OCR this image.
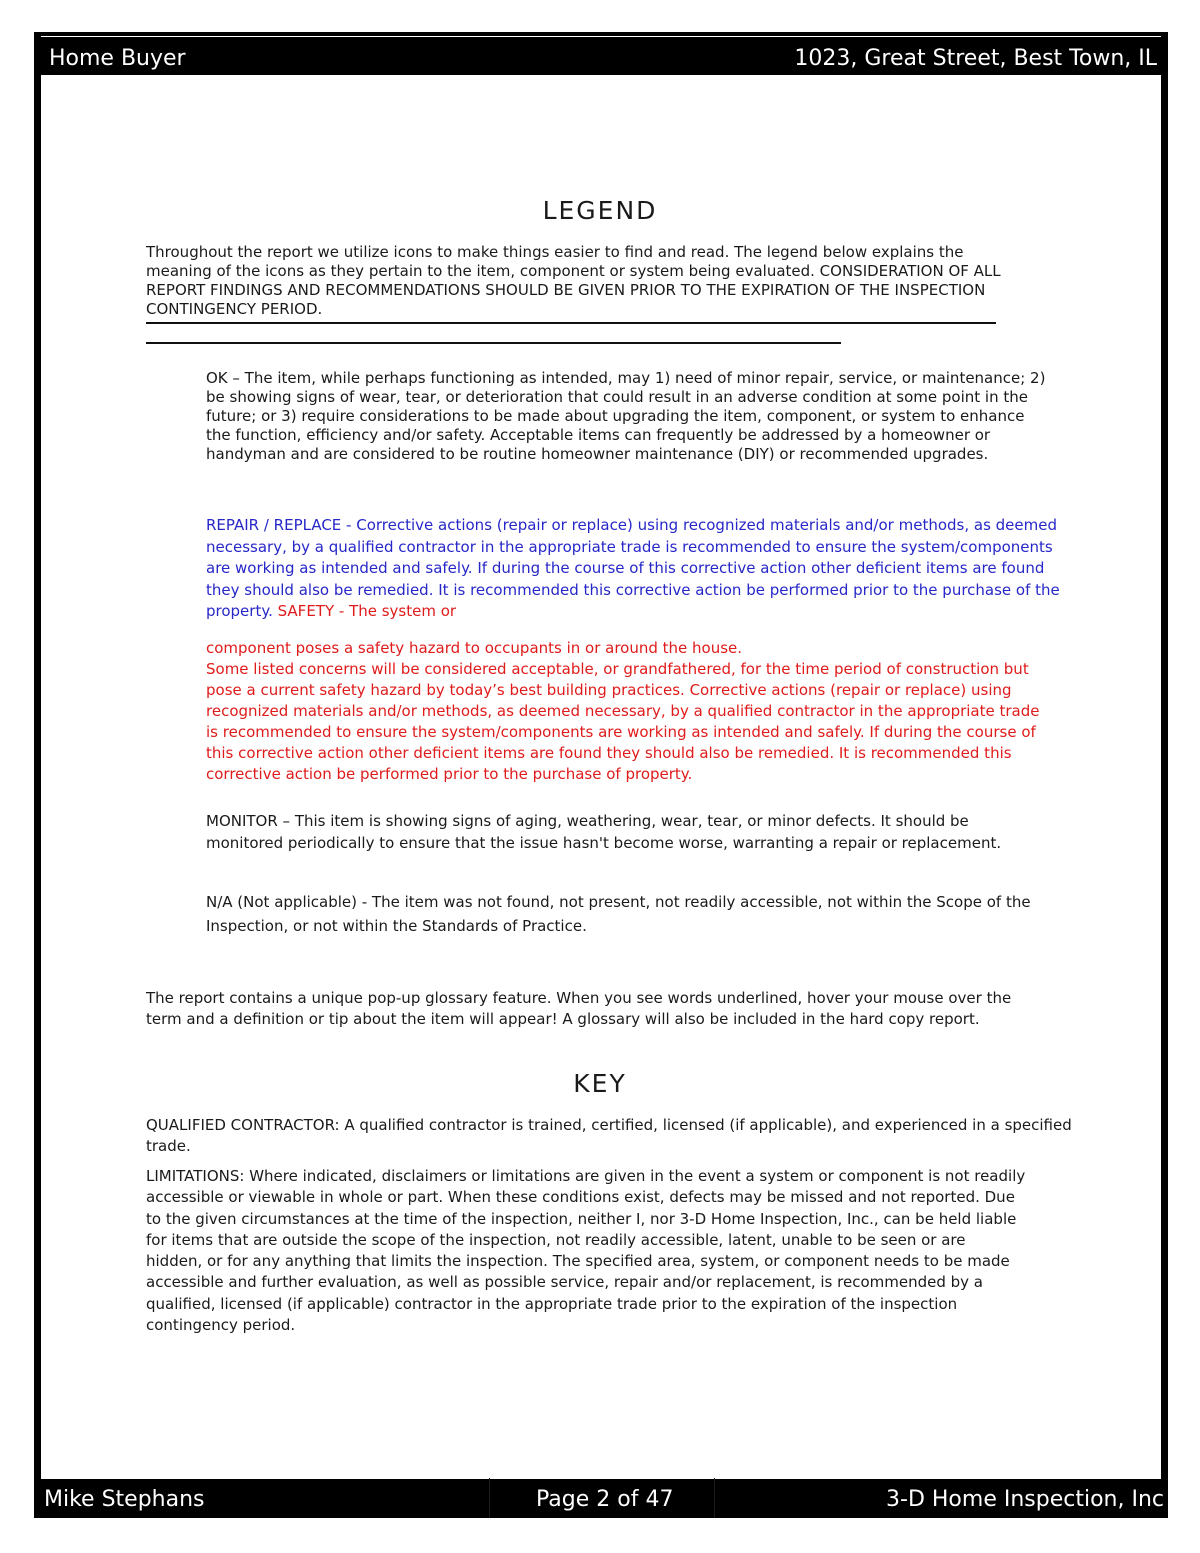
Home Buyer	1023, Great Street, Best Town, IL
Mike Stephans	Page 2 of 47	3-D Home Inspection, Inc
LEGEND
KEY

Throughout the report we utilize icons to make things easier to find and read. The legend below explains the meaning of the icons as they pertain to the item, component or system being evaluated. CONSIDERATION OF ALL REPORT FINDINGS AND RECOMMENDATIONS SHOULD BE GIVEN PRIOR TO THE EXPIRATION OF THE INSPECTION CONTINGENCY PERIOD.

OK – The item, while perhaps functioning as intended, may 1) need of minor repair, service, or maintenance; 2) be showing signs of wear, tear, or deterioration that could result in an adverse condition at some point in the future; or 3) require considerations to be made about upgrading the item, component, or system to enhance the function, efficiency and/or safety. Acceptable items can frequently be addressed by a homeowner or handyman and are considered to be routine homeowner maintenance (DIY) or recommended upgrades.

REPAIR / REPLACE - Corrective actions (repair or replace) using recognized materials and/or methods, as deemed necessary, by a qualified contractor in the appropriate trade is recommended to ensure the system/components are working as intended and safely. If during the course of this corrective action other deficient items are found they should also be remedied. It is recommended this corrective action be performed prior to the purchase of the property. SAFETY - The system or

component poses a safety hazard to occupants in or around the house.
Some listed concerns will be considered acceptable, or grandfathered, for the time period of construction but pose a current safety hazard by today’s best building practices. Corrective actions (repair or replace) using recognized materials and/or methods, as deemed necessary, by a qualified contractor in the appropriate trade is recommended to ensure the system/components are working as intended and safely. If during the course of this corrective action other deficient items are found they should also be remedied. It is recommended this corrective action be performed prior to the purchase of property.

MONITOR – This item is showing signs of aging, weathering, wear, tear, or minor defects. It should be monitored periodically to ensure that the issue hasn't become worse, warranting a repair or replacement.

N/A (Not applicable) - The item was not found, not present, not readily accessible, not within the Scope of the Inspection, or not within the Standards of Practice.

The report contains a unique pop-up glossary feature. When you see words underlined, hover your mouse over the term and a definition or tip about the item will appear! A glossary will also be included in the hard copy report.

QUALIFIED CONTRACTOR: A qualified contractor is trained, certified, licensed (if applicable), and experienced in a specified trade.

LIMITATIONS: Where indicated, disclaimers or limitations are given in the event a system or component is not readily accessible or viewable in whole or part. When these conditions exist, defects may be missed and not reported. Due to the given circumstances at the time of the inspection, neither I, nor 3-D Home Inspection, Inc., can be held liable for items that are outside the scope of the inspection, not readily accessible, latent, unable to be seen or are hidden, or for any anything that limits the inspection. The specified area, system, or component needs to be made accessible and further evaluation, as well as possible service, repair and/or replacement, is recommended by a qualified, licensed (if applicable) contractor in the appropriate trade prior to the expiration of the inspection contingency period.
